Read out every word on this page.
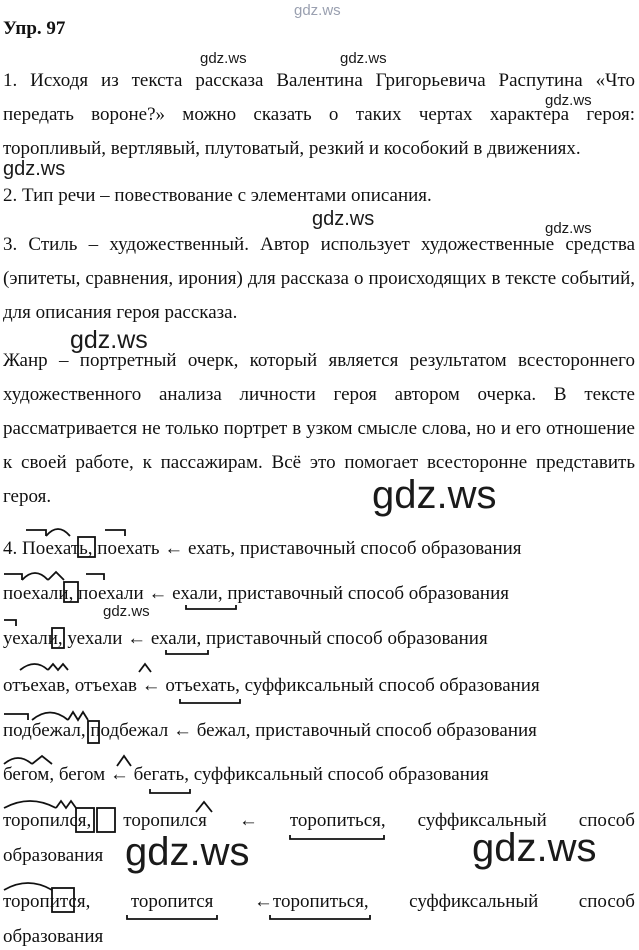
gdz.ws
gdz.ws	gdz.ws
gdz.ws
gdz.ws
gdz.ws	gdz.ws
gdz.ws
gdz.ws
gdz.ws
gdz.ws	gdz.ws
Упр. 97
1. Исходя из текста рассказа Валентина Григорьевича Распутина «Что передать вороне?» можно сказать о таких чертах характера героя: торопливый, вертлявый, плутоватый, резкий и кособокий в движениях.
2. Тип речи – повествование с элементами описания.
3. Стиль – художественный. Автор использует художественные средства (эпитеты, сравнения, ирония) для рассказа о происходящих в тексте событий, для описания героя рассказа.
Жанр – портретный очерк, который является результатом всестороннего художественного анализа личности героя автором очерка. В тексте рассматривается не только портрет в узком смысле слова, но и его отношение к своей работе, к пассажирам. Всё это помогает всесторонне представить героя.
4. Поехать, поехать ← ехать, приставочный способ образования
поехали, поехали ← ехали, приставочный способ образования
уехали, уехали ← ехали, приставочный способ образования
отъехав, отъехав ← отъехать, суффиксальный способ образования
подбежал, подбежал ← бежал, приставочный способ образования
бегом, бегом ← бегать, суффиксальный способ образования
торопился, торопился ← торопиться, суффиксальный способ
образования
торопится, торопится ←торопиться, суффиксальный способ
образования
